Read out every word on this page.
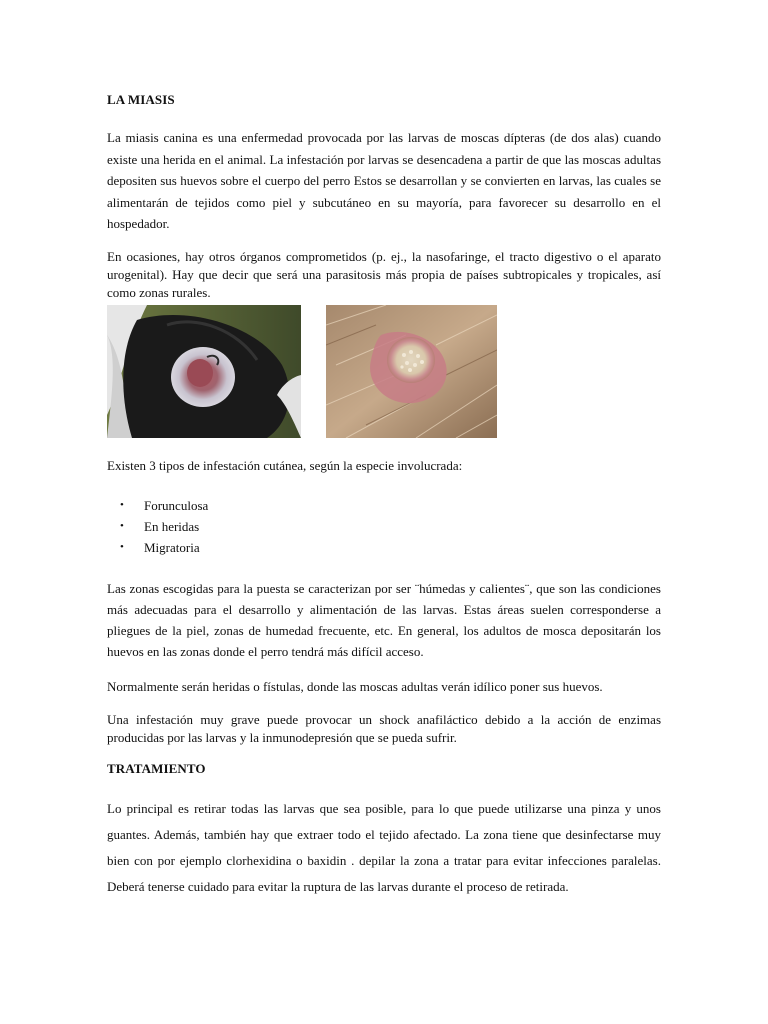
LA MIASIS

La miasis canina es una enfermedad provocada por las larvas de moscas dípteras (de dos alas) cuando existe una herida en el animal. La infestación por larvas se desencadena a partir de que las moscas adultas depositen sus huevos sobre el cuerpo del perro Estos se desarrollan y se convierten en larvas, las cuales se alimentarán de tejidos como piel y subcutáneo en su mayoría, para favorecer su desarrollo en el hospedador.

En ocasiones, hay otros órganos comprometidos (p. ej., la nasofaringe, el tracto digestivo o el aparato urogenital). Hay que decir que será una parasitosis más propia de países subtropicales y tropicales, así como zonas rurales.

Existen 3 tipos de infestación cutánea, según la especie involucrada:

• Forunculosa
• En heridas
• Migratoria

Las zonas escogidas para la puesta se caracterizan por ser ¨húmedas y calientes¨, que son las condiciones más adecuadas para el desarrollo y alimentación de las larvas. Estas áreas suelen corresponderse a pliegues de la piel, zonas de humedad frecuente, etc. En general, los adultos de mosca depositarán los huevos en las zonas donde el perro tendrá más difícil acceso.

Normalmente serán heridas o fístulas, donde las moscas adultas verán idílico poner sus huevos.

Una infestación muy grave puede provocar un shock anafiláctico debido a la acción de enzimas producidas por las larvas y la inmunodepresión que se pueda sufrir.

TRATAMIENTO

Lo principal es retirar todas las larvas que sea posible, para lo que puede utilizarse una pinza y unos guantes. Además, también hay que extraer todo el tejido afectado. La zona tiene que desinfectarse muy bien con por ejemplo clorhexidina o baxidin . depilar la zona a tratar para evitar infecciones paralelas. Deberá tenerse cuidado para evitar la ruptura de las larvas durante el proceso de retirada.
